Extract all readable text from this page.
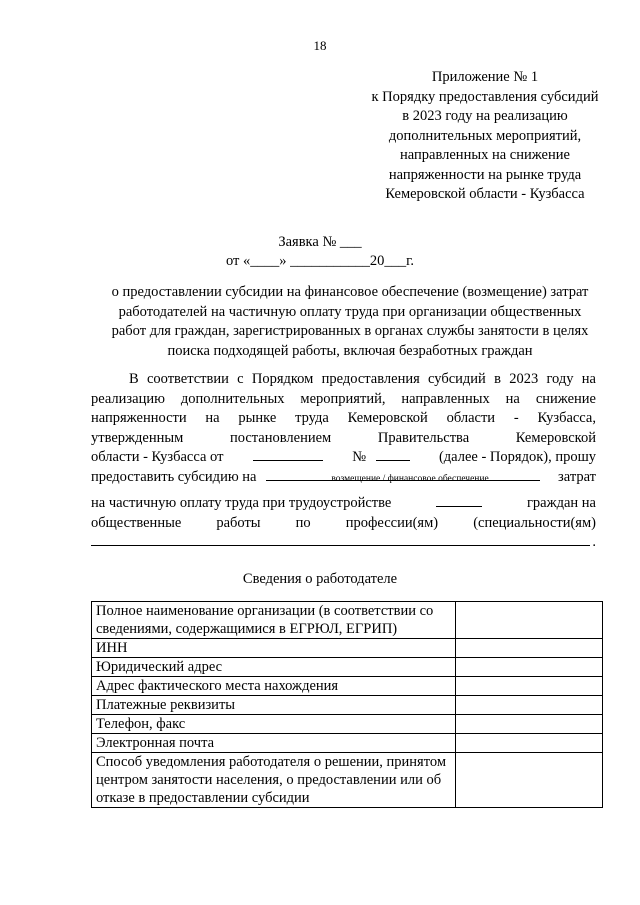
18
Приложение № 1
к Порядку предоставления субсидий
в 2023 году на реализацию
дополнительных мероприятий,
направленных на снижение
напряженности на рынке труда
Кемеровской области - Кузбасса
Заявка № ___
от «____» ___________20___г.
о предоставлении субсидии на финансовое обеспечение (возмещение) затрат
работодателей на частичную оплату труда при организации общественных
работ для граждан, зарегистрированных в органах службы занятости в целях
поиска подходящей работы, включая безработных граждан
В соответствии с Порядком предоставления субсидий в 2023 году на
реализацию дополнительных мероприятий, направленных на снижение
напряженности на рынке труда Кемеровской области - Кузбасса,
утвержденным постановлением Правительства Кемеровской
области - Кузбасса от	№	(далее - Порядок), прошу
предоставить субсидию на	затрат
возмещение / финансовое обеспечение
на частичную оплату труда при трудоустройстве	граждан на
общественные работы по профессии(ям) (специальности(ям)
.
Сведения о работодателе
Полное наименование организации (в соответствии со сведениями, содержащимися в ЕГРЮЛ, ЕГРИП)	
ИНН	
Юридический адрес	
Адрес фактического места нахождения	
Платежные реквизиты	
Телефон, факс	
Электронная почта	
Способ уведомления работодателя о решении, принятом центром занятости населения, о предоставлении или об отказе в предоставлении субсидии	
